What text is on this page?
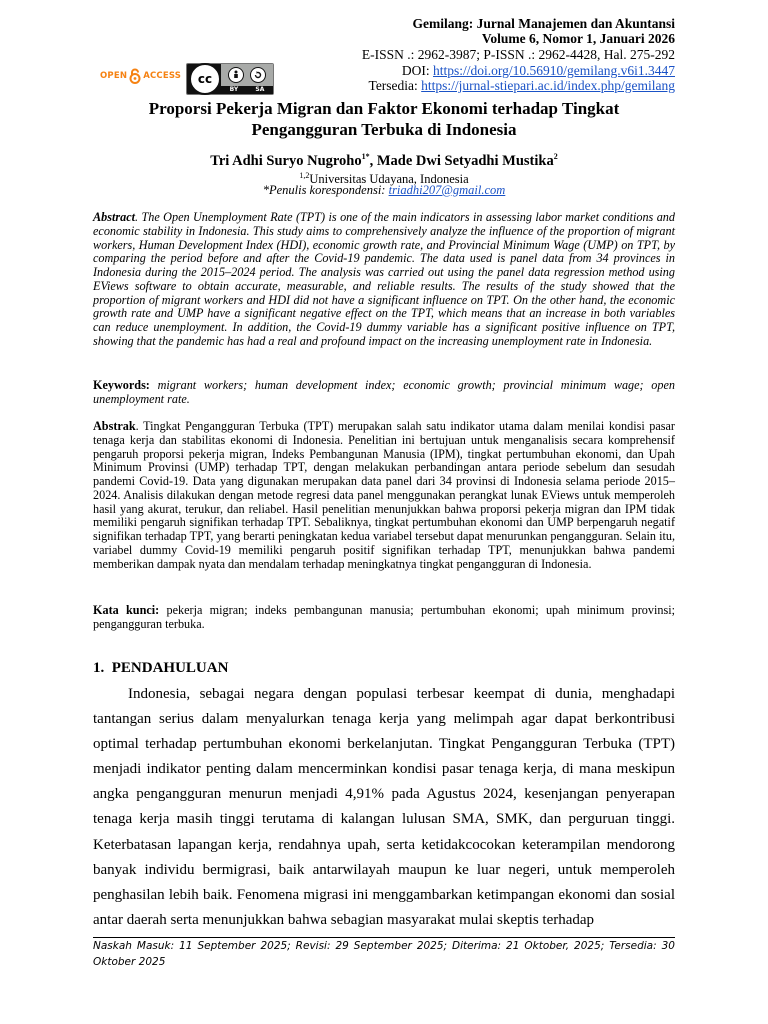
Gemilang: Jurnal Manajemen dan Akuntansi
Volume 6, Nomor 1, Januari 2026
E-ISSN .: 2962-3987; P-ISSN .: 2962-4428, Hal. 275-292
DOI: https://doi.org/10.56910/gemilang.v6i1.3447
Tersedia: https://jurnal-stiepari.ac.id/index.php/gemilang
OPEN ACCESS	cc
BY	SA
Proporsi Pekerja Migran dan Faktor Ekonomi terhadap Tingkat
Pengangguran Terbuka di Indonesia
Tri Adhi Suryo Nugroho$^{1*}$, Made Dwi Setyadhi Mustika$^2$
$^{1,2}$Universitas Udayana, Indonesia
*Penulis korespondensi: triadhi207@gmail.com
Abstract. The Open Unemployment Rate (TPT) is one of the main indicators in assessing labor market conditions and economic stability in Indonesia. This study aims to comprehensively analyze the influence of the proportion of migrant workers, Human Development Index (HDI), economic growth rate, and Provincial Minimum Wage (UMP) on TPT, by comparing the period before and after the Covid-19 pandemic. The data used is panel data from 34 provinces in Indonesia during the 2015–2024 period. The analysis was carried out using the panel data regression method using EViews software to obtain accurate, measurable, and reliable results. The results of the study showed that the proportion of migrant workers and HDI did not have a significant influence on TPT. On the other hand, the economic growth rate and UMP have a significant negative effect on the TPT, which means that an increase in both variables can reduce unemployment. In addition, the Covid-19 dummy variable has a significant positive influence on TPT, showing that the pandemic has had a real and profound impact on the increasing unemployment rate in Indonesia.
Keywords: migrant workers; human development index; economic growth; provincial minimum wage; open unemployment rate.
Abstrak. Tingkat Pengangguran Terbuka (TPT) merupakan salah satu indikator utama dalam menilai kondisi pasar tenaga kerja dan stabilitas ekonomi di Indonesia. Penelitian ini bertujuan untuk menganalisis secara komprehensif pengaruh proporsi pekerja migran, Indeks Pembangunan Manusia (IPM), tingkat pertumbuhan ekonomi, dan Upah Minimum Provinsi (UMP) terhadap TPT, dengan melakukan perbandingan antara periode sebelum dan sesudah pandemi Covid-19. Data yang digunakan merupakan data panel dari 34 provinsi di Indonesia selama periode 2015–2024. Analisis dilakukan dengan metode regresi data panel menggunakan perangkat lunak EViews untuk memperoleh hasil yang akurat, terukur, dan reliabel. Hasil penelitian menunjukkan bahwa proporsi pekerja migran dan IPM tidak memiliki pengaruh signifikan terhadap TPT. Sebaliknya, tingkat pertumbuhan ekonomi dan UMP berpengaruh negatif signifikan terhadap TPT, yang berarti peningkatan kedua variabel tersebut dapat menurunkan pengangguran. Selain itu, variabel dummy Covid-19 memiliki pengaruh positif signifikan terhadap TPT, menunjukkan bahwa pandemi memberikan dampak nyata dan mendalam terhadap meningkatnya tingkat pengangguran di Indonesia.
Kata kunci: pekerja migran; indeks pembangunan manusia; pertumbuhan ekonomi; upah minimum provinsi; pengangguran terbuka.
1.  PENDAHULUAN
Indonesia, sebagai negara dengan populasi terbesar keempat di dunia, menghadapi tantangan serius dalam menyalurkan tenaga kerja yang melimpah agar dapat berkontribusi optimal terhadap pertumbuhan ekonomi berkelanjutan. Tingkat Pengangguran Terbuka (TPT) menjadi indikator penting dalam mencerminkan kondisi pasar tenaga kerja, di mana meskipun angka pengangguran menurun menjadi 4,91% pada Agustus 2024, kesenjangan penyerapan tenaga kerja masih tinggi terutama di kalangan lulusan SMA, SMK, dan perguruan tinggi. Keterbatasan lapangan kerja, rendahnya upah, serta ketidakcocokan keterampilan mendorong banyak individu bermigrasi, baik antarwilayah maupun ke luar negeri, untuk memperoleh penghasilan lebih baik. Fenomena migrasi ini menggambarkan ketimpangan ekonomi dan sosial antar daerah serta menunjukkan bahwa sebagian masyarakat mulai skeptis terhadap
Naskah Masuk: 11 September 2025; Revisi: 29 September 2025; Diterima: 21 Oktober, 2025; Tersedia: 30 Oktober 2025
